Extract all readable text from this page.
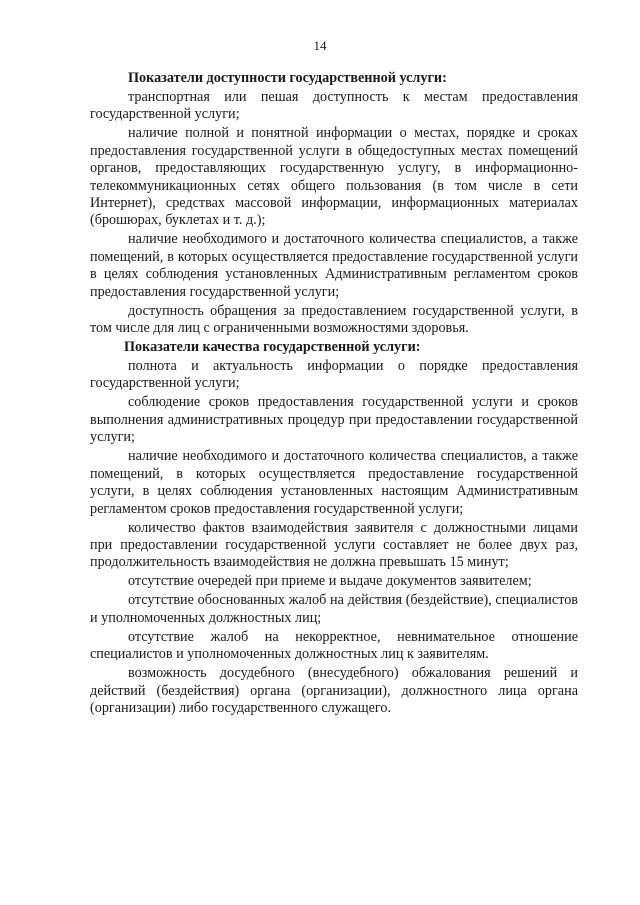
14

Показатели доступности государственной услуги:

транспортная или пешая доступность к местам предоставления государственной услуги;

наличие полной и понятной информации о местах, порядке и сроках предоставления государственной услуги в общедоступных местах помещений органов, предоставляющих государственную услугу, в информационно-телекоммуникационных сетях общего пользования (в том числе в сети Интернет), средствах массовой информации, информационных материалах (брошюрах, буклетах и т. д.);

наличие необходимого и достаточного количества специалистов, а также помещений, в которых осуществляется предоставление государственной услуги в целях соблюдения установленных Административным регламентом сроков предоставления государственной услуги;

доступность обращения за предоставлением государственной услуги, в том числе для лиц с ограниченными возможностями здоровья.

Показатели качества государственной услуги:

полнота и актуальность информации о порядке предоставления государственной услуги;

соблюдение сроков предоставления государственной услуги и сроков выполнения административных процедур при предоставлении государственной услуги;

наличие необходимого и достаточного количества специалистов, а также помещений, в которых осуществляется предоставление государственной услуги, в целях соблюдения установленных настоящим Административным регламентом сроков предоставления государственной услуги;

количество фактов взаимодействия заявителя с должностными лицами при предоставлении государственной услуги составляет не более двух раз, продолжительность взаимодействия не должна превышать 15 минут;

отсутствие очередей при приеме и выдаче документов заявителем;

отсутствие обоснованных жалоб на действия (бездействие), специалистов и уполномоченных должностных лиц;

отсутствие жалоб на некорректное, невнимательное отношение специалистов и уполномоченных должностных лиц к заявителям.

возможность досудебного (внесудебного) обжалования решений и действий (бездействия) органа (организации), должностного лица органа (организации) либо государственного служащего.
